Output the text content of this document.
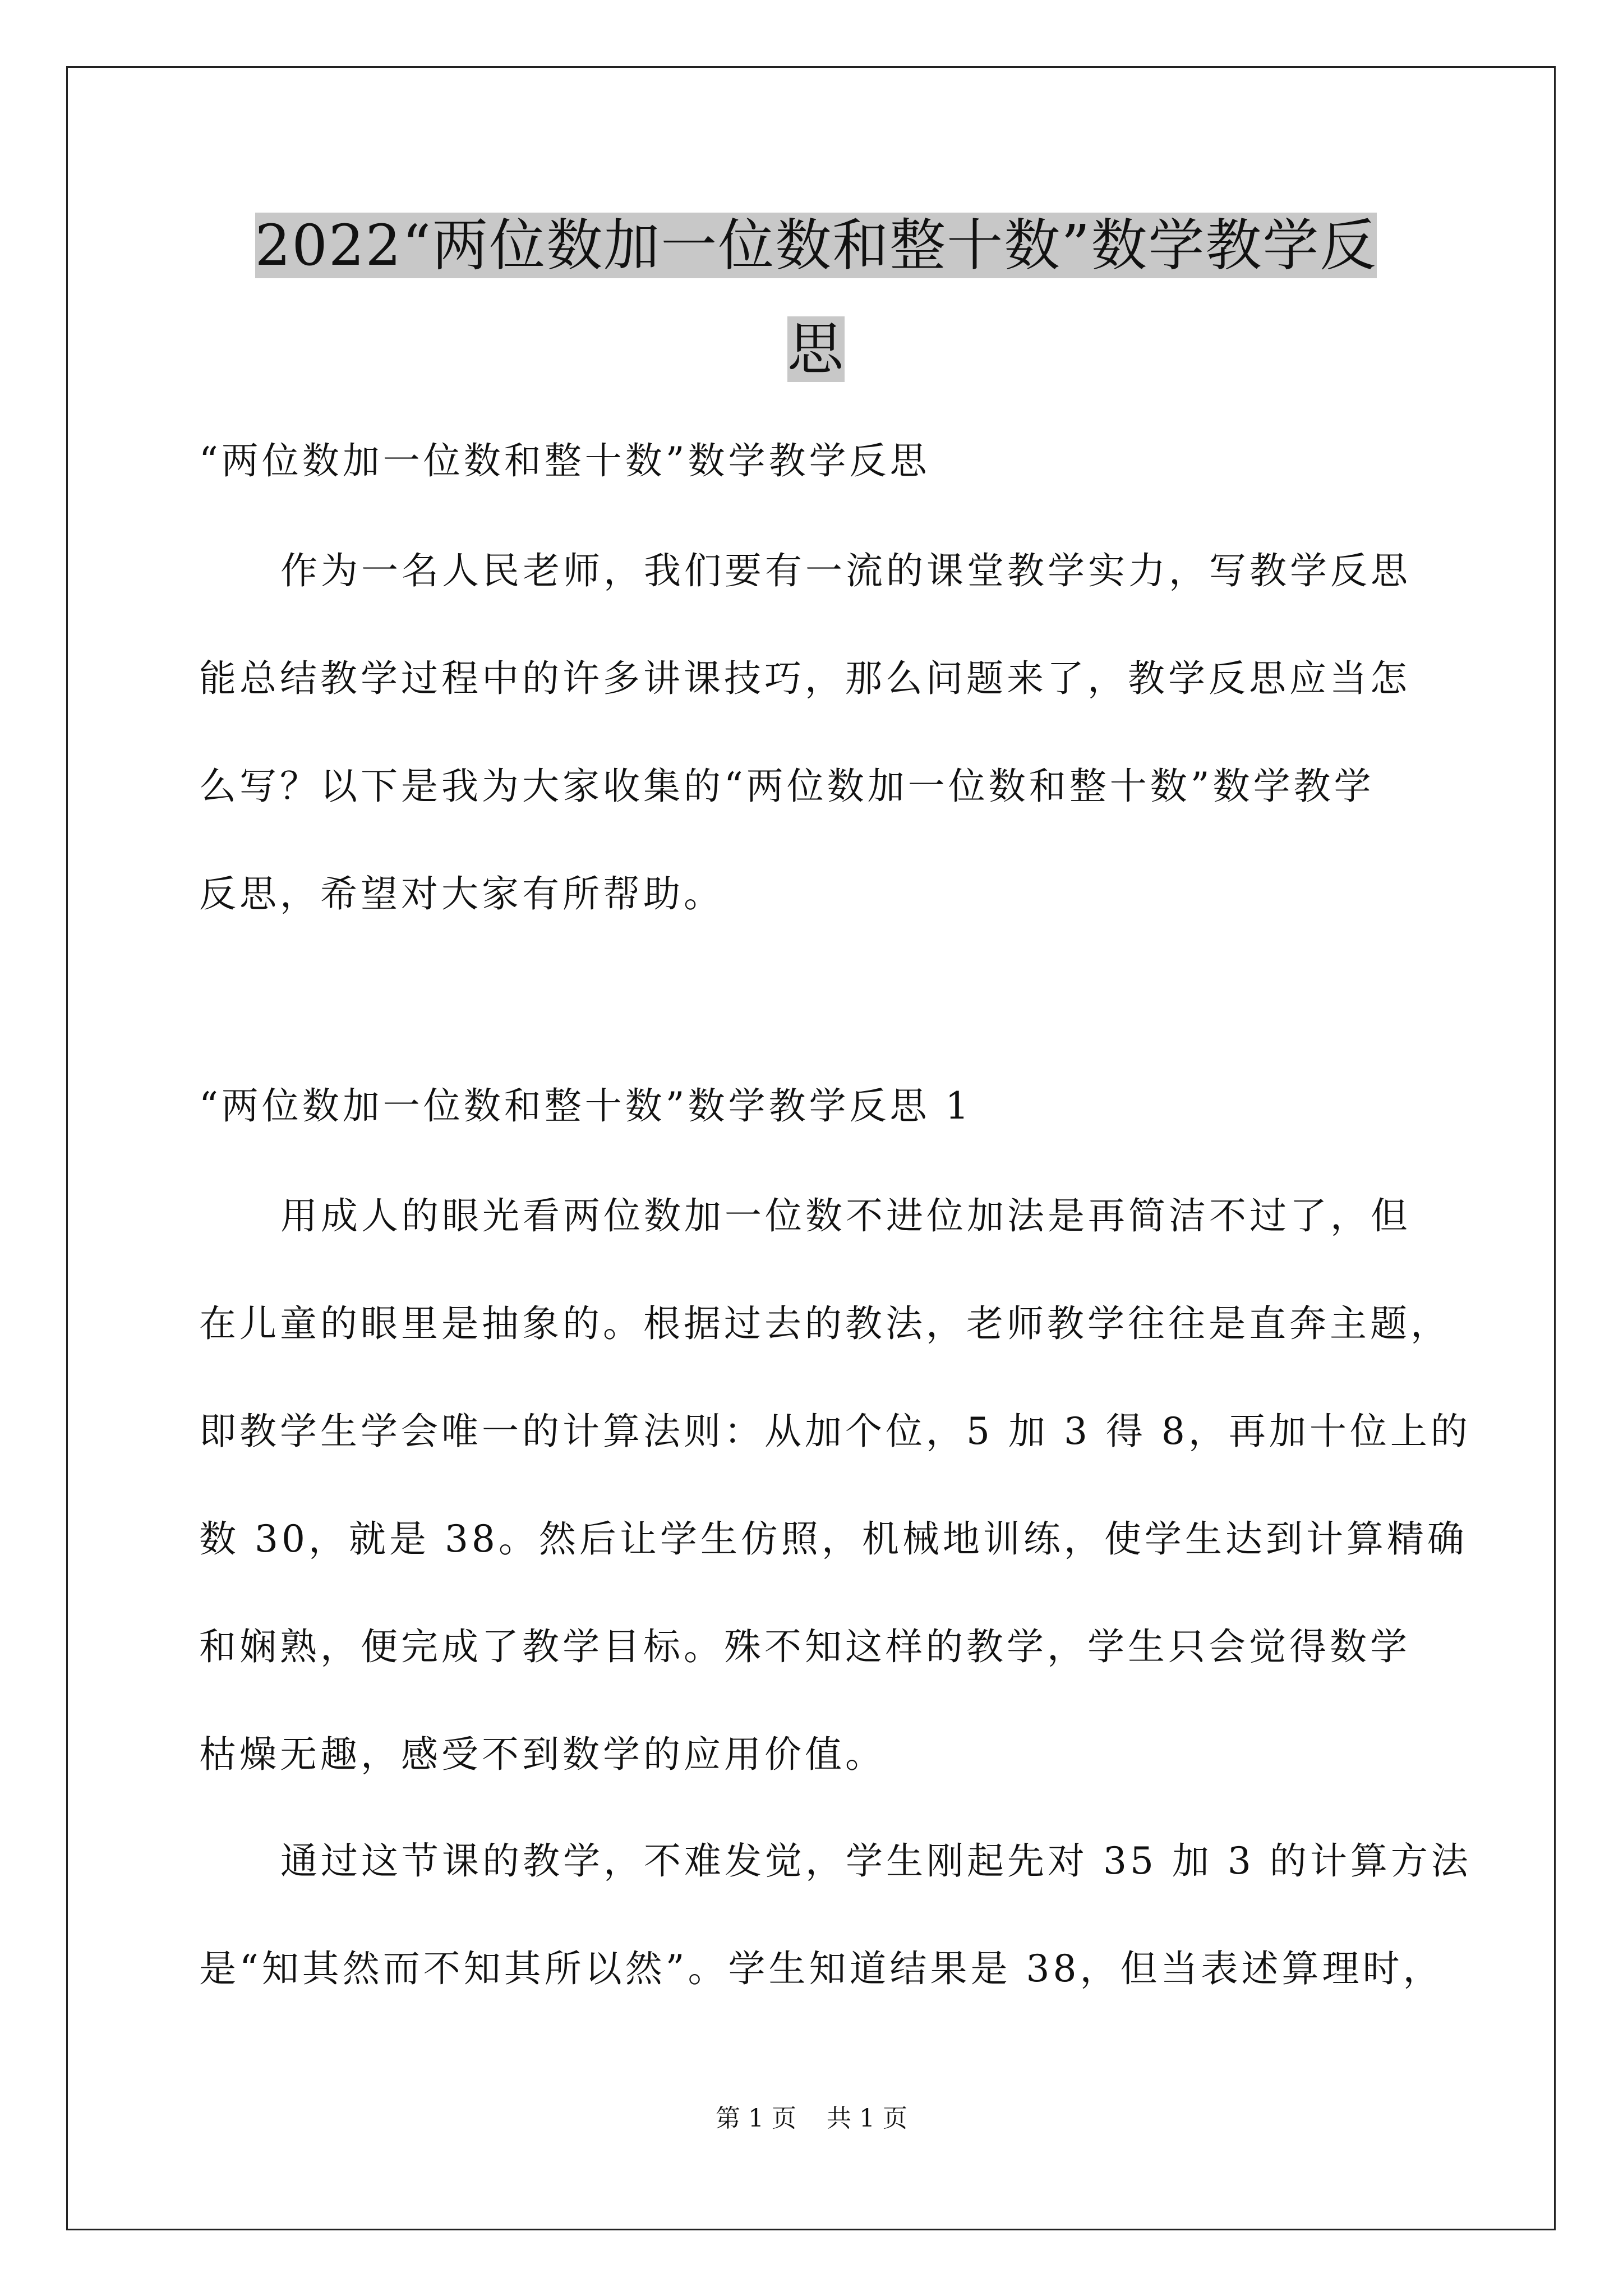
2022“两位数加一位数和整十数”数学教学反
思
“两位数加一位数和整十数”数学教学反思
作为一名人民老师，我们要有一流的课堂教学实力，写教学反思
能总结教学过程中的许多讲课技巧，那么问题来了，教学反思应当怎
么写？以下是我为大家收集的“两位数加一位数和整十数”数学教学
反思，希望对大家有所帮助。
“两位数加一位数和整十数”数学教学反思 1
用成人的眼光看两位数加一位数不进位加法是再简洁不过了，但
在儿童的眼里是抽象的。根据过去的教法，老师教学往往是直奔主题，
即教学生学会唯一的计算法则：从加个位，5 加 3 得 8，再加十位上的
数 30，就是 38。然后让学生仿照，机械地训练，使学生达到计算精确
和娴熟，便完成了教学目标。殊不知这样的教学，学生只会觉得数学
枯燥无趣，感受不到数学的应用价值。
通过这节课的教学，不难发觉，学生刚起先对 35 加 3 的计算方法
是“知其然而不知其所以然”。学生知道结果是 38，但当表述算理时，
第 1 页 共 1 页
